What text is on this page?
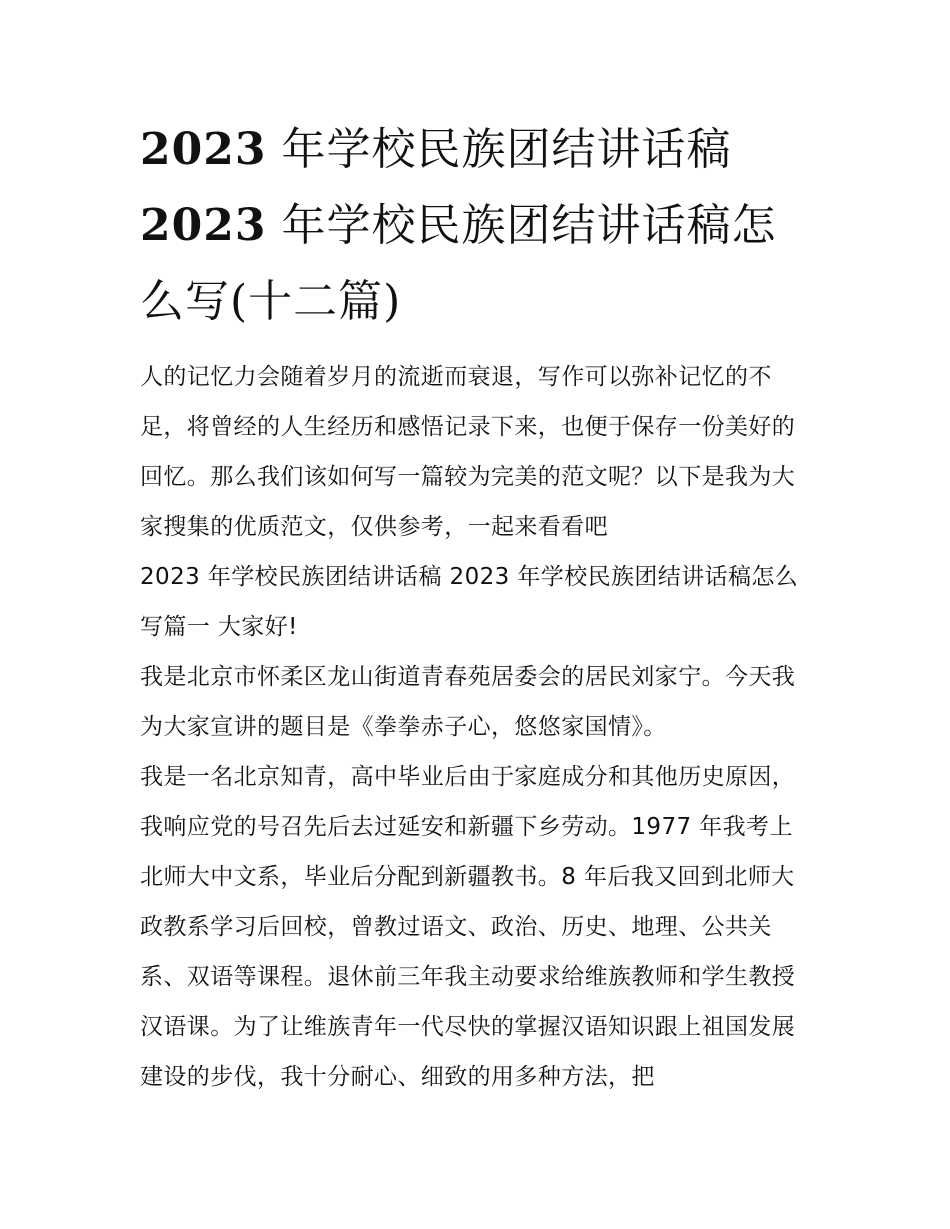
2023 年学校民族团结讲话稿
2023 年学校民族团结讲话稿怎
么写(十二篇)

人的记忆力会随着岁月的流逝而衰退，写作可以弥补记忆的不足，将曾经的人生经历和感悟记录下来，也便于保存一份美好的回忆。那么我们该如何写一篇较为完美的范文呢？以下是我为大家搜集的优质范文，仅供参考，一起来看看吧

2023 年学校民族团结讲话稿 2023 年学校民族团结讲话稿怎么写篇一 大家好!

我是北京市怀柔区龙山街道青春苑居委会的居民刘家宁。今天我为大家宣讲的题目是《拳拳赤子心，悠悠家国情》。

我是一名北京知青，高中毕业后由于家庭成分和其他历史原因，我响应党的号召先后去过延安和新疆下乡劳动。1977 年我考上北师大中文系，毕业后分配到新疆教书。8 年后我又回到北师大政教系学习后回校，曾教过语文、政治、历史、地理、公共关系、双语等课程。退休前三年我主动要求给维族教师和学生教授汉语课。为了让维族青年一代尽快的掌握汉语知识跟上祖国发展建设的步伐，我十分耐心、细致的用多种方法，把
